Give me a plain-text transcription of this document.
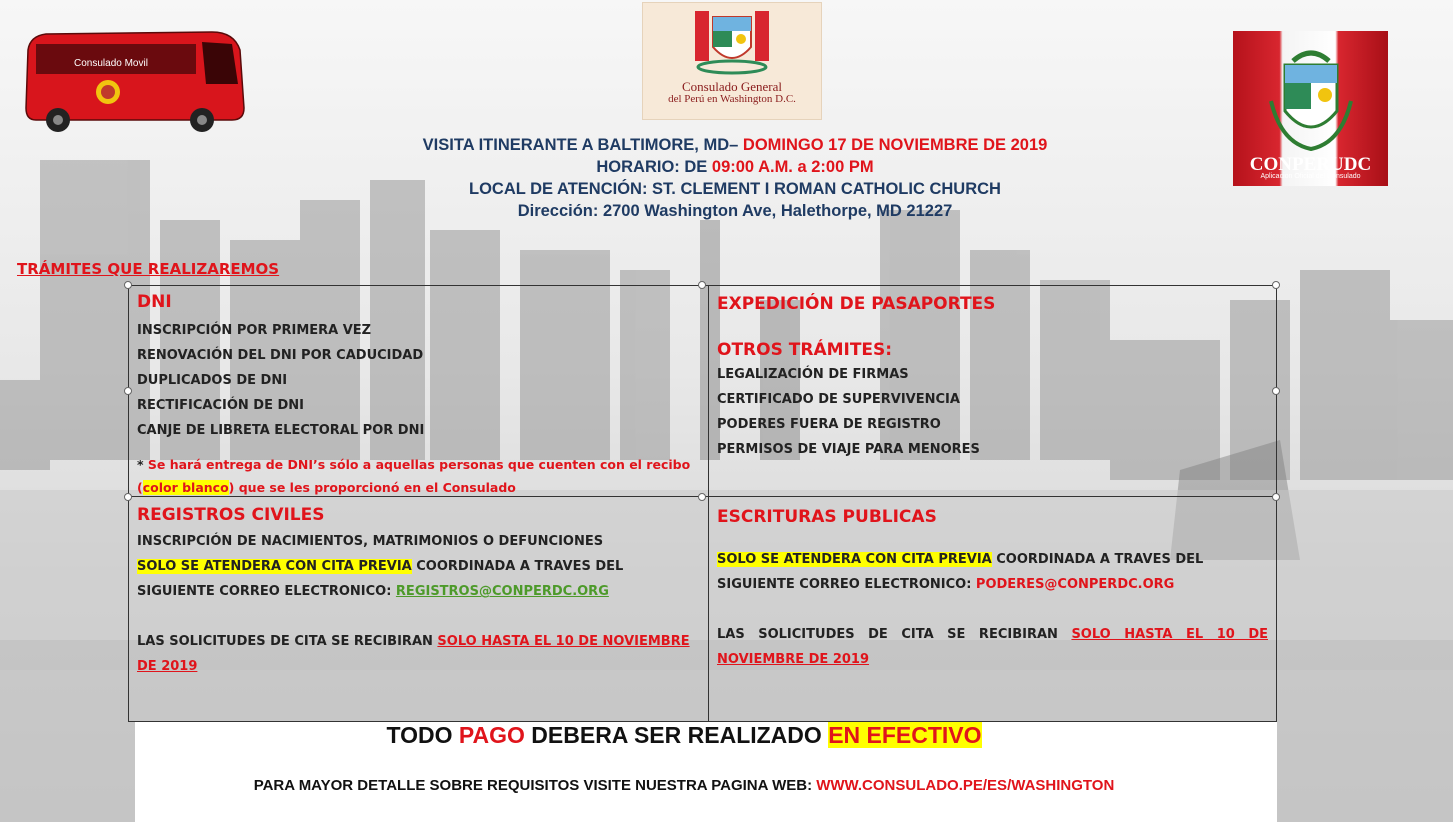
Consulado Movil
Consulado General
del Perú en Washington D.C.
Aplicacion Oficial del Consulado
CONPERUDC
VISITA ITINERANTE A BALTIMORE, MD– DOMINGO 17 DE NOVIEMBRE DE 2019
HORARIO: DE 09:00 A.M. a 2:00 PM
LOCAL DE ATENCIÓN: ST. CLEMENT I ROMAN CATHOLIC CHURCH
Dirección: 2700 Washington Ave, Halethorpe, MD 21227
TRÁMITES QUE REALIZAREMOS
DNI
INSCRIPCIÓN POR PRIMERA VEZ
RENOVACIÓN DEL DNI POR CADUCIDAD
DUPLICADOS DE DNI
RECTIFICACIÓN DE DNI
CANJE DE LIBRETA ELECTORAL POR DNI
* Se hará entrega de DNI’s sólo a aquellas personas que cuenten con el recibo
(color blanco) que se les proporcionó en el Consulado
EXPEDICIÓN DE PASAPORTES
OTROS TRÁMITES:
LEGALIZACIÓN DE FIRMAS
CERTIFICADO DE SUPERVIVENCIA
PODERES FUERA DE REGISTRO
PERMISOS DE VIAJE PARA MENORES
REGISTROS CIVILES
INSCRIPCIÓN DE NACIMIENTOS, MATRIMONIOS O DEFUNCIONES
SOLO SE ATENDERA CON CITA PREVIA COORDINADA A TRAVES DEL
SIGUIENTE CORREO ELECTRONICO: REGISTROS@CONPERDC.ORG
LAS SOLICITUDES DE CITA SE RECIBIRAN SOLO HASTA EL 10 DE NOVIEMBRE DE 2019
ESCRITURAS PUBLICAS
SOLO SE ATENDERA CON CITA PREVIA COORDINADA A TRAVES DEL
SIGUIENTE CORREO ELECTRONICO: PODERES@CONPERDC.ORG
LAS SOLICITUDES DE CITA SE RECIBIRAN SOLO HASTA EL 10 DE NOVIEMBRE DE 2019
TODO PAGO DEBERA SER REALIZADO EN EFECTIVO
PARA MAYOR DETALLE SOBRE REQUISITOS VISITE NUESTRA PAGINA WEB: WWW.CONSULADO.PE/ES/WASHINGTON
